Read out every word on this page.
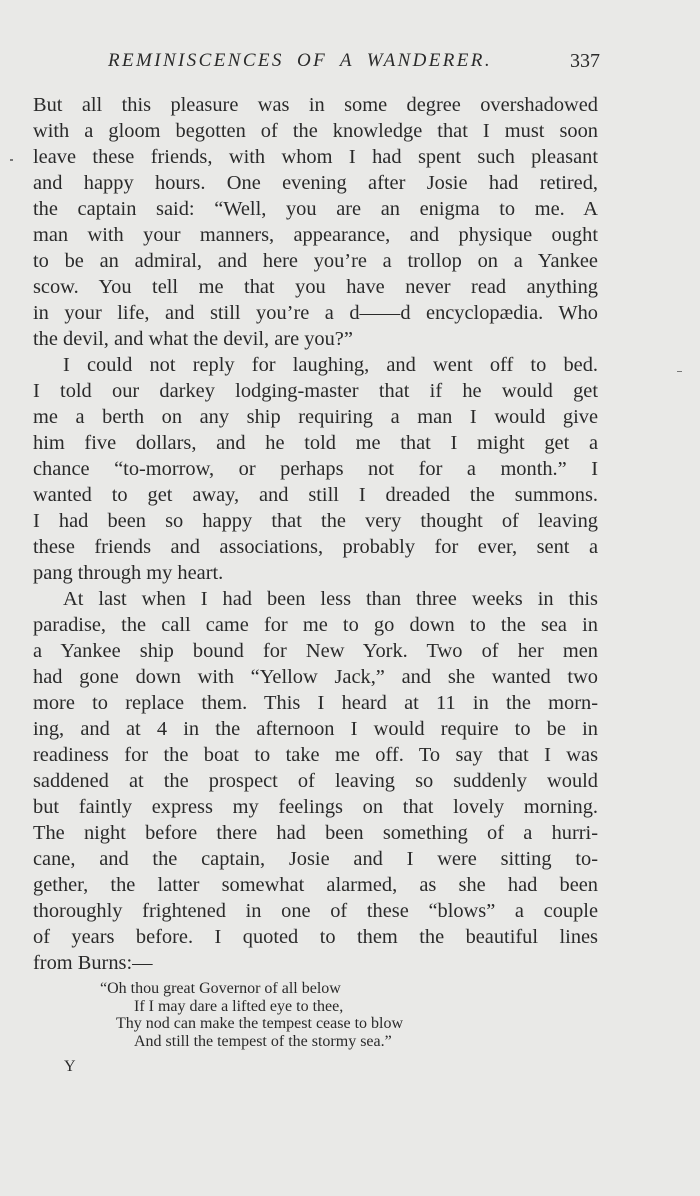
REMINISCENCES OF A WANDERER.	337
But all this pleasure was in some degree overshadowed
with a gloom begotten of the knowledge that I must soon
leave these friends, with whom I had spent such pleasant
and happy hours. One evening after Josie had retired,
the captain said: “Well, you are an enigma to me. A
man with your manners, appearance, and physique ought
to be an admiral, and here you’re a trollop on a Yankee
scow. You tell me that you have never read anything
in your life, and still you’re a d——d encyclopædia. Who
the devil, and what the devil, are you?”
I could not reply for laughing, and went off to bed.
I told our darkey lodging-master that if he would get
me a berth on any ship requiring a man I would give
him five dollars, and he told me that I might get a
chance “to-morrow, or perhaps not for a month.” I
wanted to get away, and still I dreaded the summons.
I had been so happy that the very thought of leaving
these friends and associations, probably for ever, sent a
pang through my heart.
At last when I had been less than three weeks in this
paradise, the call came for me to go down to the sea in
a Yankee ship bound for New York. Two of her men
had gone down with “Yellow Jack,” and she wanted two
more to replace them. This I heard at 11 in the morn-
ing, and at 4 in the afternoon I would require to be in
readiness for the boat to take me off. To say that I was
saddened at the prospect of leaving so suddenly would
but faintly express my feelings on that lovely morning.
The night before there had been something of a hurri-
cane, and the captain, Josie and I were sitting to-
gether, the latter somewhat alarmed, as she had been
thoroughly frightened in one of these “blows” a couple
of years before. I quoted to them the beautiful lines
from Burns:—
“Oh thou great Governor of all below
If I may dare a lifted eye to thee,
Thy nod can make the tempest cease to blow
And still the tempest of the stormy sea.”
Y
